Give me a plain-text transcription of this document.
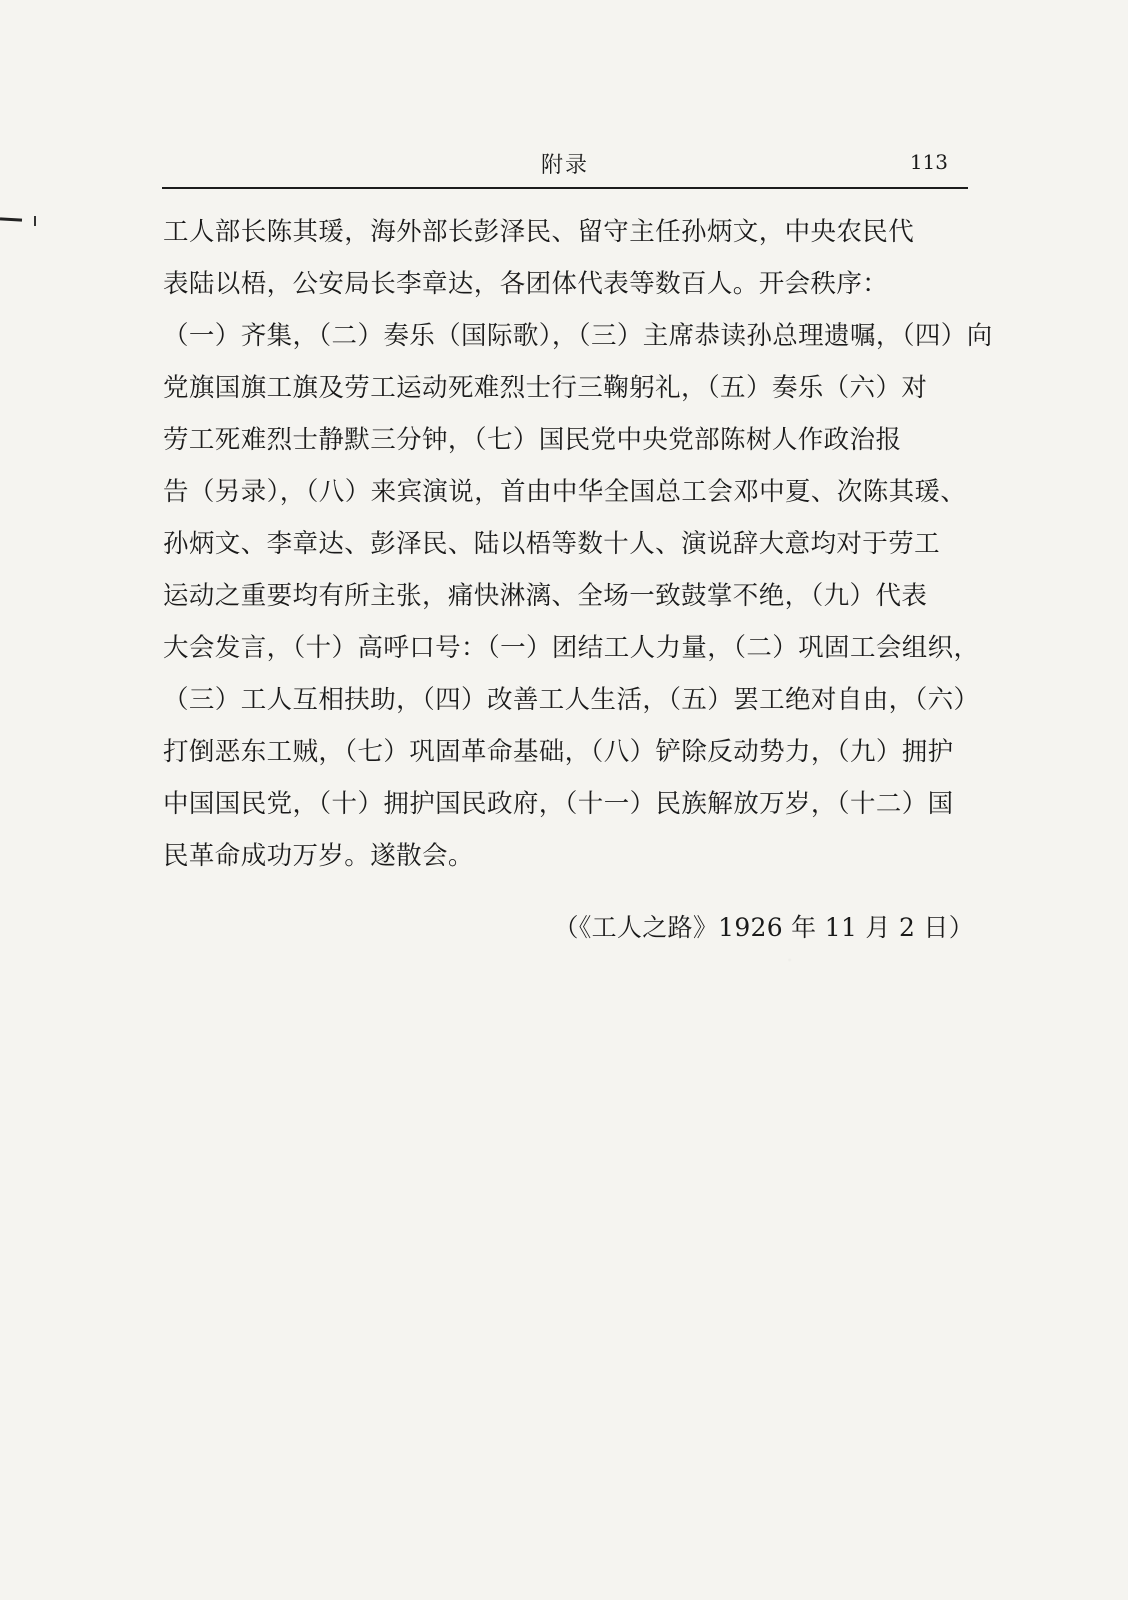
附录	113
工人部长陈其瑗，海外部长彭泽民、留守主任孙炳文，中央农民代
表陆以梧，公安局长李章达，各团体代表等数百人。开会秩序：
（一）齐集，（二）奏乐（国际歌），（三）主席恭读孙总理遗嘱，（四）向
党旗国旗工旗及劳工运动死难烈士行三鞠躬礼，（五）奏乐（六）对
劳工死难烈士静默三分钟，（七）国民党中央党部陈树人作政治报
告（另录），（八）来宾演说，首由中华全国总工会邓中夏、次陈其瑗、
孙炳文、李章达、彭泽民、陆以梧等数十人、演说辞大意均对于劳工
运动之重要均有所主张，痛快淋漓、全场一致鼓掌不绝，（九）代表
大会发言，（十）高呼口号：（一）团结工人力量，（二）巩固工会组织，
（三）工人互相扶助，（四）改善工人生活，（五）罢工绝对自由，（六）
打倒恶东工贼，（七）巩固革命基础，（八）铲除反动势力，（九）拥护
中国国民党，（十）拥护国民政府，（十一）民族解放万岁，（十二）国
民革命成功万岁。遂散会。
（《工人之路》1926 年 11 月 2 日）
